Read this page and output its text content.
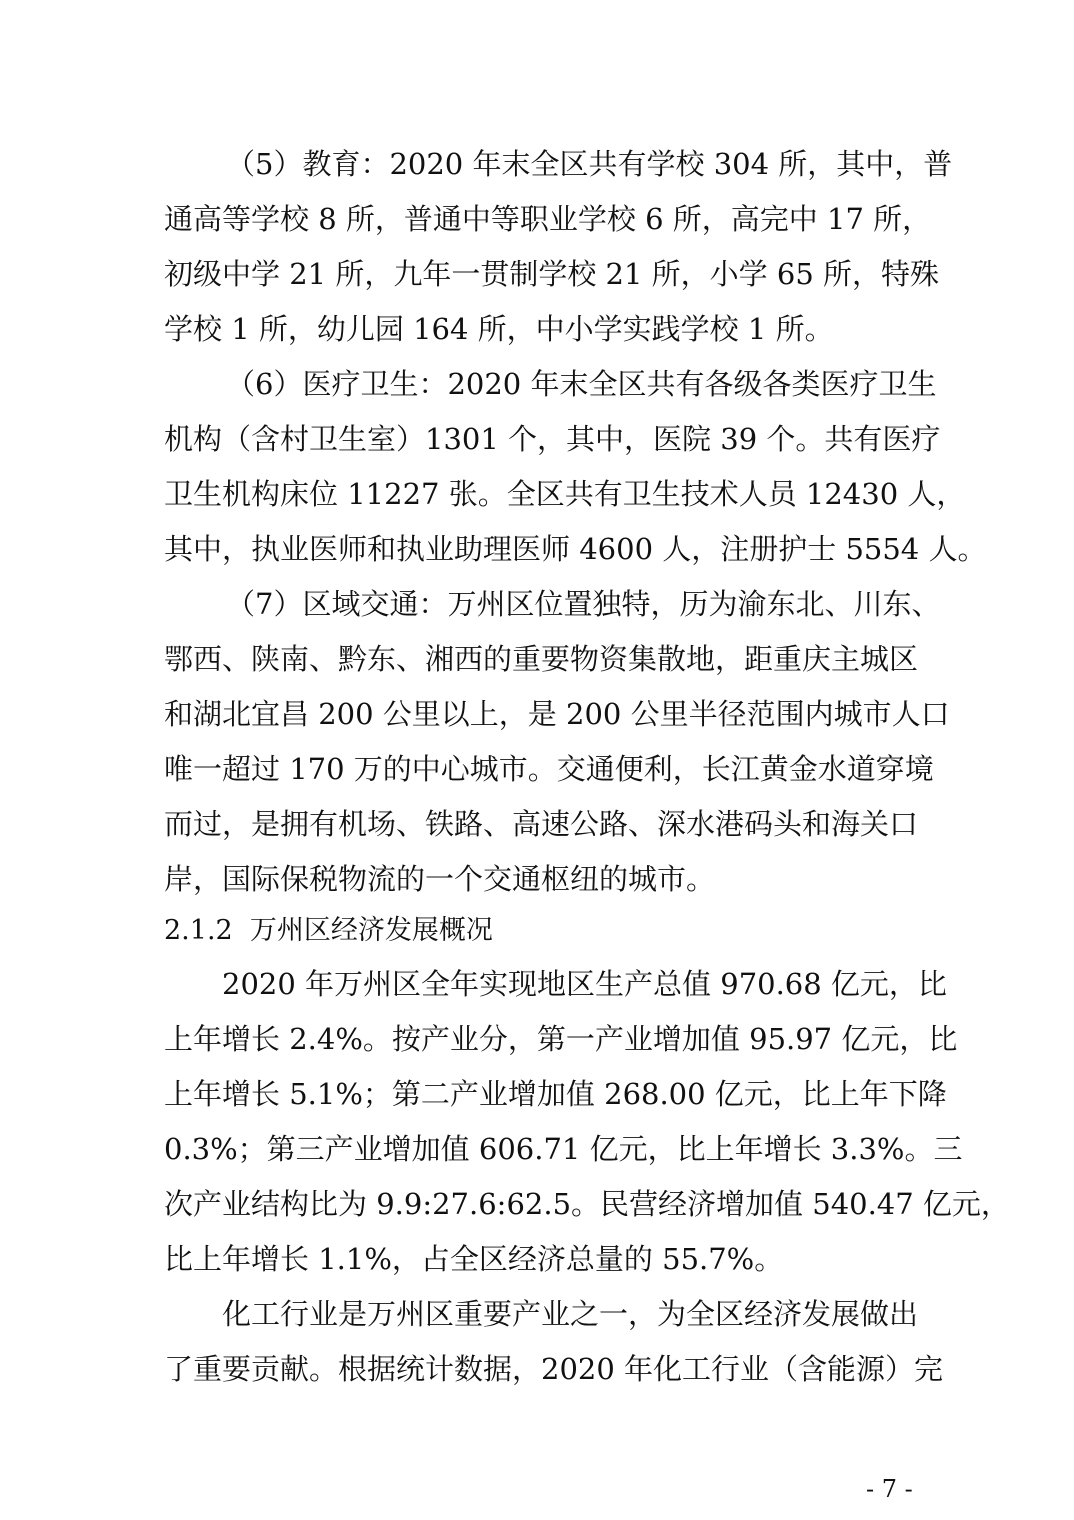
（5）教育：2020 年末全区共有学校 304 所，其中，普
通高等学校 8 所，普通中等职业学校 6 所，高完中 17 所，
初级中学 21 所，九年一贯制学校 21 所，小学 65 所，特殊
学校 1 所，幼儿园 164 所，中小学实践学校 1 所。
（6）医疗卫生：2020 年末全区共有各级各类医疗卫生
机构（含村卫生室）1301 个，其中，医院 39 个。共有医疗
卫生机构床位 11227 张。全区共有卫生技术人员 12430 人，
其中，执业医师和执业助理医师 4600 人，注册护士 5554 人。
（7）区域交通：万州区位置独特，历为渝东北、川东、
鄂西、陕南、黔东、湘西的重要物资集散地，距重庆主城区
和湖北宜昌 200 公里以上，是 200 公里半径范围内城市人口
唯一超过 170 万的中心城市。交通便利，长江黄金水道穿境
而过，是拥有机场、铁路、高速公路、深水港码头和海关口
岸，国际保税物流的一个交通枢纽的城市。
2.1.2  万州区经济发展概况
2020 年万州区全年实现地区生产总值 970.68 亿元，比
上年增长 2.4%。按产业分，第一产业增加值 95.97 亿元，比
上年增长 5.1%；第二产业增加值 268.00 亿元，比上年下降
0.3%；第三产业增加值 606.71 亿元，比上年增长 3.3%。三
次产业结构比为 9.9:27.6:62.5。民营经济增加值 540.47 亿元，
比上年增长 1.1%，占全区经济总量的 55.7%。
化工行业是万州区重要产业之一，为全区经济发展做出
了重要贡献。根据统计数据，2020 年化工行业（含能源）完
- 7 -
